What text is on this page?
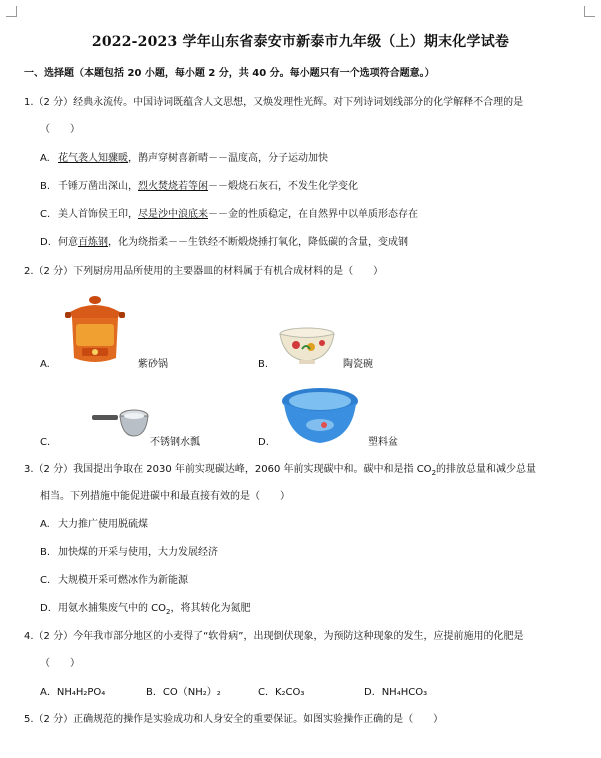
2022-2023 学年山东省泰安市新泰市九年级（上）期末化学试卷
一、选择题（本题包括 20 小题，每小题 2 分，共 40 分。每小题只有一个选项符合题意。）
1.（2 分）经典永流传。中国诗词既蕴含人文思想，又焕发理性光辉。对下列诗词划线部分的化学解释不合理的是
（　　）
A. 花气袭人知骤暖，鹊声穿树喜新晴－－温度高，分子运动加快
B. 千锤万凿出深山，烈火焚烧若等闲－－煅烧石灰石，不发生化学变化
C. 美人首饰侯王印，尽是沙中浪底来－－金的性质稳定，在自然界中以单质形态存在
D. 何意百炼钢，化为绕指柔－－生铁经不断煅烧捶打氧化，降低碳的含量，变成钢
2.（2 分）下列厨房用品所使用的主要器皿的材料属于有机合成材料的是（　　）
A.	紫砂锅	B.	陶瓷碗
C.	不锈钢水瓢	D.	塑料盆
3.（2 分）我国提出争取在 2030 年前实现碳达峰，2060 年前实现碳中和。碳中和是指 $CO_2$的排放总量和减少总量
相当。下列措施中能促进碳中和最直接有效的是（　　）
A. 大力推广使用脱硫煤
B. 加快煤的开采与使用，大力发展经济
C. 大规模开采可燃冰作为新能源
D. 用氨水捕集废气中的 $CO_2$，将其转化为氮肥
4.（2 分）今年我市部分地区的小麦得了“软骨病”，出现倒伏现象，为预防这种现象的发生，应提前施用的化肥是
（　　）
A．NH₄H₂PO₄	B．CO（NH₂）₂	C．K₂CO₃	D．NH₄HCO₃
5.（2 分）正确规范的操作是实验成功和人身安全的重要保证。如图实验操作正确的是（　　）
